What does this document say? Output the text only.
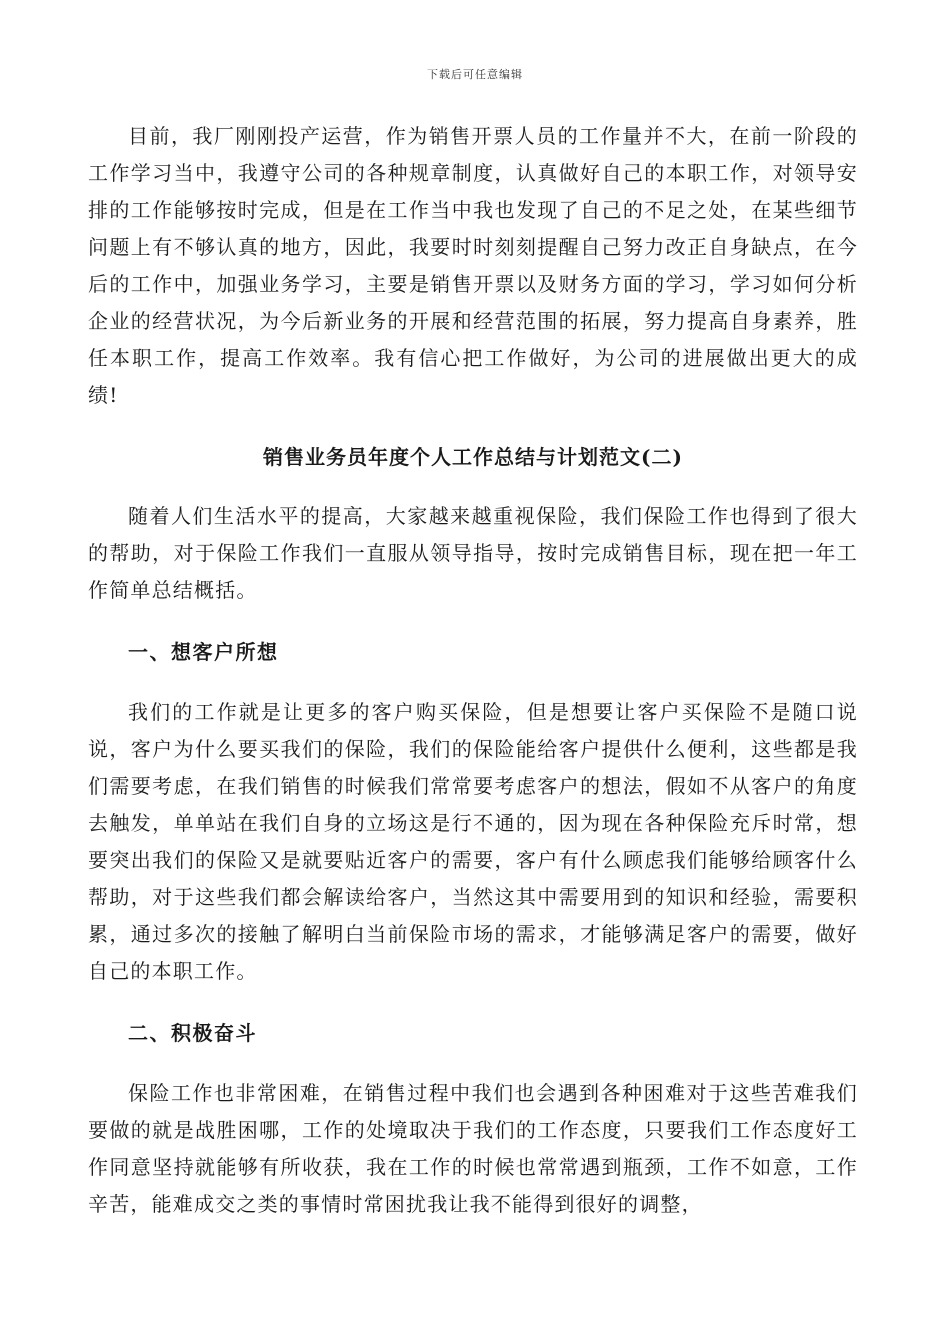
下载后可任意编辑

目前，我厂刚刚投产运营，作为销售开票人员的工作量并不大，在前一阶段的工作学习当中，我遵守公司的各种规章制度，认真做好自己的本职工作，对领导安排的工作能够按时完成，但是在工作当中我也发现了自己的不足之处，在某些细节问题上有不够认真的地方，因此，我要时时刻刻提醒自己努力改正自身缺点，在今后的工作中，加强业务学习，主要是销售开票以及财务方面的学习，学习如何分析企业的经营状况，为今后新业务的开展和经营范围的拓展，努力提高自身素养，胜任本职工作，提高工作效率。我有信心把工作做好，为公司的进展做出更大的成绩!

销售业务员年度个人工作总结与计划范文(二)

随着人们生活水平的提高，大家越来越重视保险，我们保险工作也得到了很大的帮助，对于保险工作我们一直服从领导指导，按时完成销售目标，现在把一年工作简单总结概括。

一、想客户所想

我们的工作就是让更多的客户购买保险，但是想要让客户买保险不是随口说说，客户为什么要买我们的保险，我们的保险能给客户提供什么便利，这些都是我们需要考虑，在我们销售的时候我们常常要考虑客户的想法，假如不从客户的角度去触发，单单站在我们自身的立场这是行不通的，因为现在各种保险充斥时常，想要突出我们的保险又是就要贴近客户的需要，客户有什么顾虑我们能够给顾客什么帮助，对于这些我们都会解读给客户，当然这其中需要用到的知识和经验，需要积累，通过多次的接触了解明白当前保险市场的需求，才能够满足客户的需要，做好自己的本职工作。

二、积极奋斗

保险工作也非常困难，在销售过程中我们也会遇到各种困难对于这些苦难我们要做的就是战胜困哪，工作的处境取决于我们的工作态度，只要我们工作态度好工作同意坚持就能够有所收获，我在工作的时候也常常遇到瓶颈，工作不如意，工作辛苦，能难成交之类的事情时常困扰我让我不能得到很好的调整，
